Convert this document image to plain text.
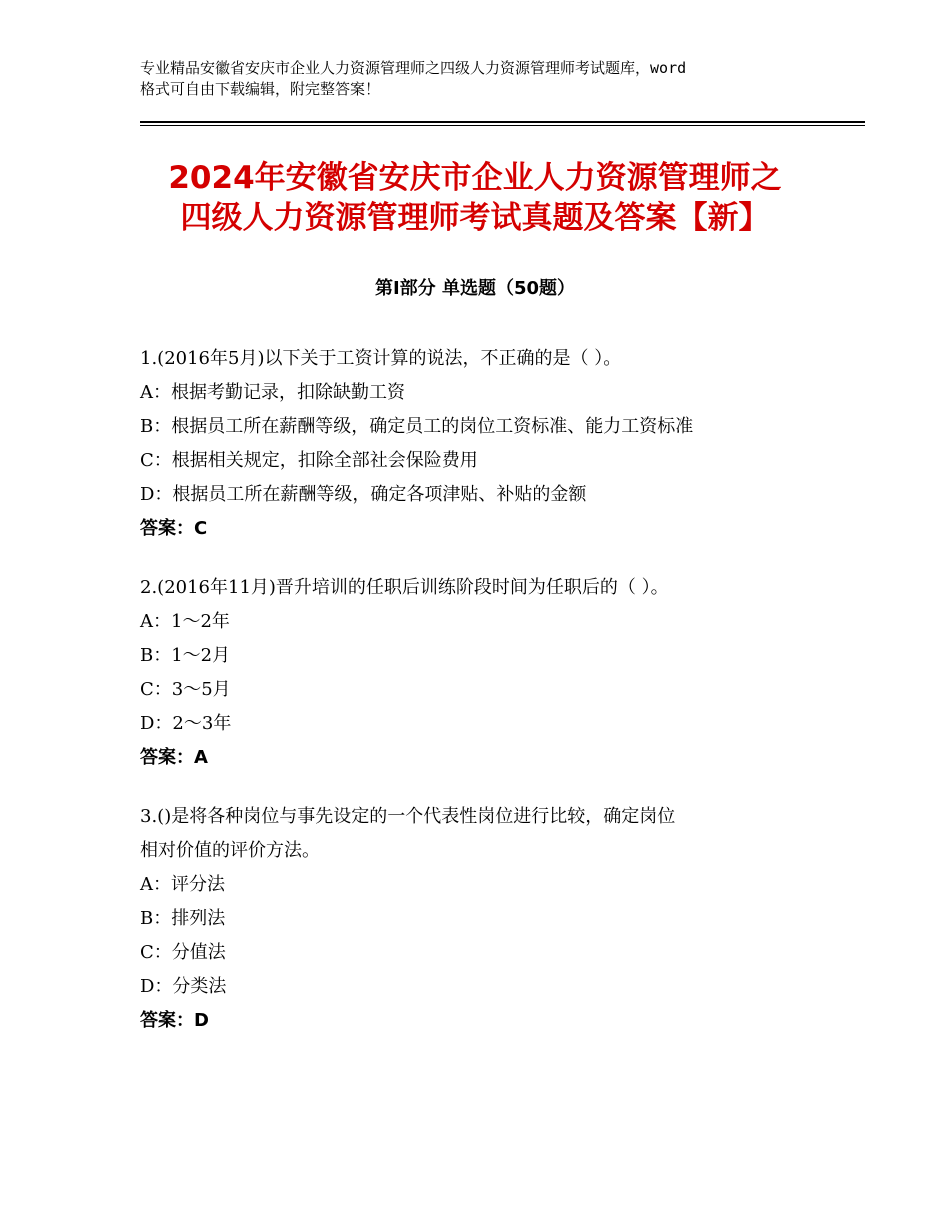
专业精品安徽省安庆市企业人力资源管理师之四级人力资源管理师考试题库，word
格式可自由下载编辑，附完整答案！
2024年安徽省安庆市企业人力资源管理师之
四级人力资源管理师考试真题及答案【新】
第Ⅰ部分 单选题（50题）
1.(2016年5月)以下关于工资计算的说法，不正确的是（ ）。
A：根据考勤记录，扣除缺勤工资
B：根据员工所在薪酬等级，确定员工的岗位工资标准、能力工资标准
C：根据相关规定，扣除全部社会保险费用
D：根据员工所在薪酬等级，确定各项津贴、补贴的金额
答案：C
2.(2016年11月)晋升培训的任职后训练阶段时间为任职后的（ ）。
A：1～2年
B：1～2月
C：3～5月
D：2～3年
答案：A
3.()是将各种岗位与事先设定的一个代表性岗位进行比较，确定岗位
相对价值的评价方法。
A：评分法
B：排列法
C：分值法
D：分类法
答案：D
